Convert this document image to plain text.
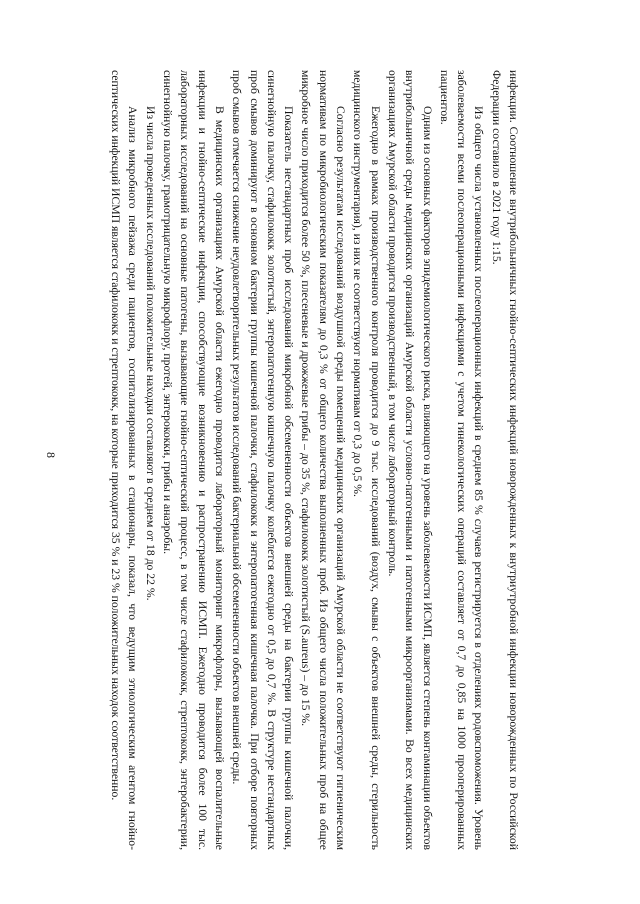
8	инфекции. Соотношение внутрибольничных гнойно-септических инфекций новорожденных к внутриутробной инфекции новорожденных по Российской Федерации составило в 2021 году 1:15.

Из общего числа установленных послеоперационных инфекций в среднем 85 % случаев регистрируется в отделениях родовспоможения. Уровень заболеваемости всеми послеоперационными инфекциями с учетом гинекологических операций составляет от 0,7 до 0,85 на 1000 прооперированных пациентов.

Одним из основных факторов эпидемиологического риска, влияющего на уровень заболеваемости ИСМП, является степень контаминации объектов внутрибольничной среды медицинских организаций Амурской области условно-патогенными и патогенными микроорганизмами. Во всех медицинских организациях Амурской области проводится производственный, в том числе лабораторный контроль.

Ежегодно в рамках производственного контроля проводится до 9 тыс. исследований (воздух, смывы с объектов внешней среды, стерильность медицинского инструментария), из них не соответствуют нормативам от 0,3 до 0,5 %.

Согласно результатам исследований воздушной среды помещений медицинских организаций Амурской области не соответствуют гигиеническим нормативам по микробиологическим показателям до 0,3 % от общего количества выполненных проб. Из общего числа положительных проб на общее микробное число приходится более 50 %, плесеневые и дрожжевые грибы – до 35 %, стафилококк золотистый (S.aureus) – до 15 %.

Показатель нестандартных проб исследований микробной обсемененности объектов внешней среды на бактерии группы кишечной палочки, синегнойную палочку, стафилококк золотистый, энтеропатогенную кишечную палочку колеблется ежегодно от 0,5 до 0,7 %. В структуре нестандартных проб смывов доминируют в основном бактерии группы кишечной палочки, стафилококк и энтеропатогенная кишечная палочка. При отборе повторных проб смывов отмечается снижение неудовлетворительных результатов исследований бактериальной обсемененности объектов внешней среды.

В медицинских организациях Амурской области ежегодно проводится лабораторный мониторинг микрофлоры, вызывающей воспалительные инфекции и гнойно-септические инфекции, способствующие возникновению и распространению ИСМП. Ежегодно проводится более 100 тыс. лабораторных исследований на основные патогены, вызывающие гнойно-септический процесс, в том числе стафилококк, стрептококк, энтеробактерии, синегнойную палочку, грамотрицательную микрофлору, протей, энтерококки, грибы и анаэробы.

Из числа проведенных исследований положительные находки составляют в среднем от 18 до 22 %.

Анализ микробного пейзажа среди пациентов, госпитализированных в стационары, показал, что ведущим этиологическим агентом гнойно-септических инфекций ИСМП является стафилококк и стрептококк, на которые приходится 35 % и 23 % положительных находок соответственно.
